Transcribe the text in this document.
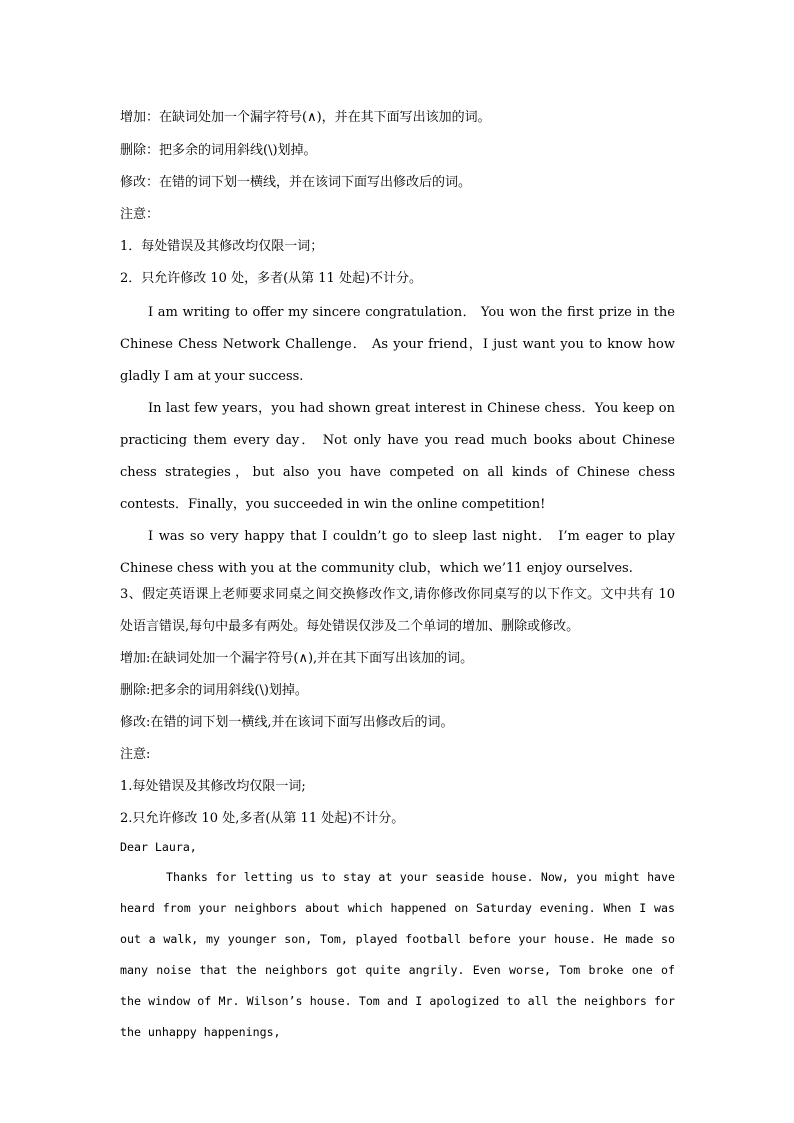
增加：在缺词处加一个漏字符号(∧)，并在其下面写出该加的词。
删除：把多余的词用斜线(\)划掉。
修改：在错的词下划一横线，并在该词下面写出修改后的词。
注意：
1．每处错误及其修改均仅限一词；
2．只允许修改 10 处，多者(从第 11 处起)不计分。
I am writing to offer my sincere congratulation． You won the first prize in the Chinese Chess Network Challenge． As your friend，I just want you to know how gladly I am at your success.
In last few years，you had shown great interest in Chinese chess．You keep on practicing them every day． Not only have you read much books about Chinese chess strategies，but also you have competed on all kinds of Chinese chess contests．Finally，you succeeded in win the online competition!
I was so very happy that I couldn’t go to sleep last night． I’m eager to play Chinese chess with you at the community club，which we’11 enjoy ourselves.
3、假定英语课上老师要求同桌之间交换修改作文,请你修改你同桌写的以下作文。文中共有 10 处语言错误,每句中最多有两处。每处错误仅涉及二个单词的增加、删除或修改。
增加:在缺词处加一个漏字符号(∧),并在其下面写出该加的词。
删除:把多余的词用斜线(\)划掉。
修改:在错的词下划一横线,并在该词下面写出修改后的词。
注意:
1.每处错误及其修改均仅限一词;
2.只允许修改 10 处,多者(从第 11 处起)不计分。
Dear Laura,
Thanks for letting us to stay at your seaside house. Now, you might have heard from your neighbors about which happened on Saturday evening. When I was out a walk, my younger son, Tom, played football before your house. He made so many noise that the neighbors got quite angrily. Even worse, Tom broke one of the window of Mr. Wilson’s house. Tom and I apologized to all the neighbors for the unhappy happenings,
